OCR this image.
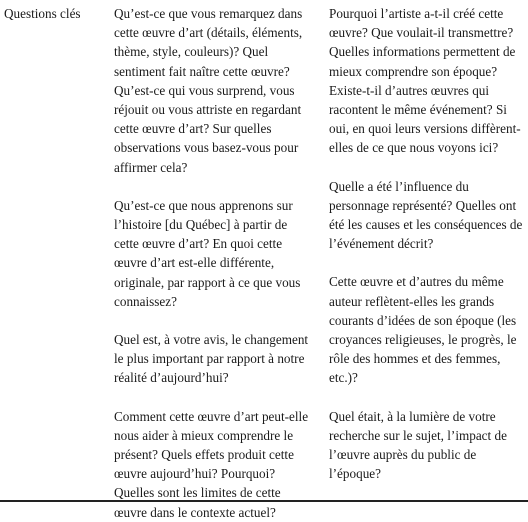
Questions clés	Qu’est-ce que vous remarquez dans cette œuvre d’art (détails, éléments, thème, style, couleurs)? Quel sentiment fait naître cette œuvre? Qu’est-ce qui vous surprend, vous réjouit ou vous attriste en regardant cette œuvre d’art? Sur quelles observations vous basez-vous pour affirmer cela?

Qu’est-ce que nous apprenons sur l’histoire [du Québec] à partir de cette œuvre d’art? En quoi cette œuvre d’art est-elle différente, originale, par rapport à ce que vous connaissez?

Quel est, à votre avis, le changement le plus important par rapport à notre réalité d’aujourd’hui?

Comment cette œuvre d’art peut-elle nous aider à mieux comprendre le présent? Quels effets produit cette œuvre aujourd’hui? Pourquoi? Quelles sont les limites de cette œuvre dans le contexte actuel?

Pourquoi l’artiste a-t-il créé cette œuvre? Que voulait-il transmettre? Quelles informations permettent de mieux comprendre son époque? Existe-t-il d’autres œuvres qui racontent le même événement? Si oui, en quoi leurs versions diffèrent-elles de ce que nous voyons ici?

Quelle a été l’influence du personnage représenté? Quelles ont été les causes et les conséquences de l’événement décrit?

Cette œuvre et d’autres du même auteur reflètent-elles les grands courants d’idées de son époque (les croyances religieuses, le progrès, le rôle des hommes et des femmes, etc.)?

Quel était, à la lumière de votre recherche sur le sujet, l’impact de l’œuvre auprès du public de l’époque?
